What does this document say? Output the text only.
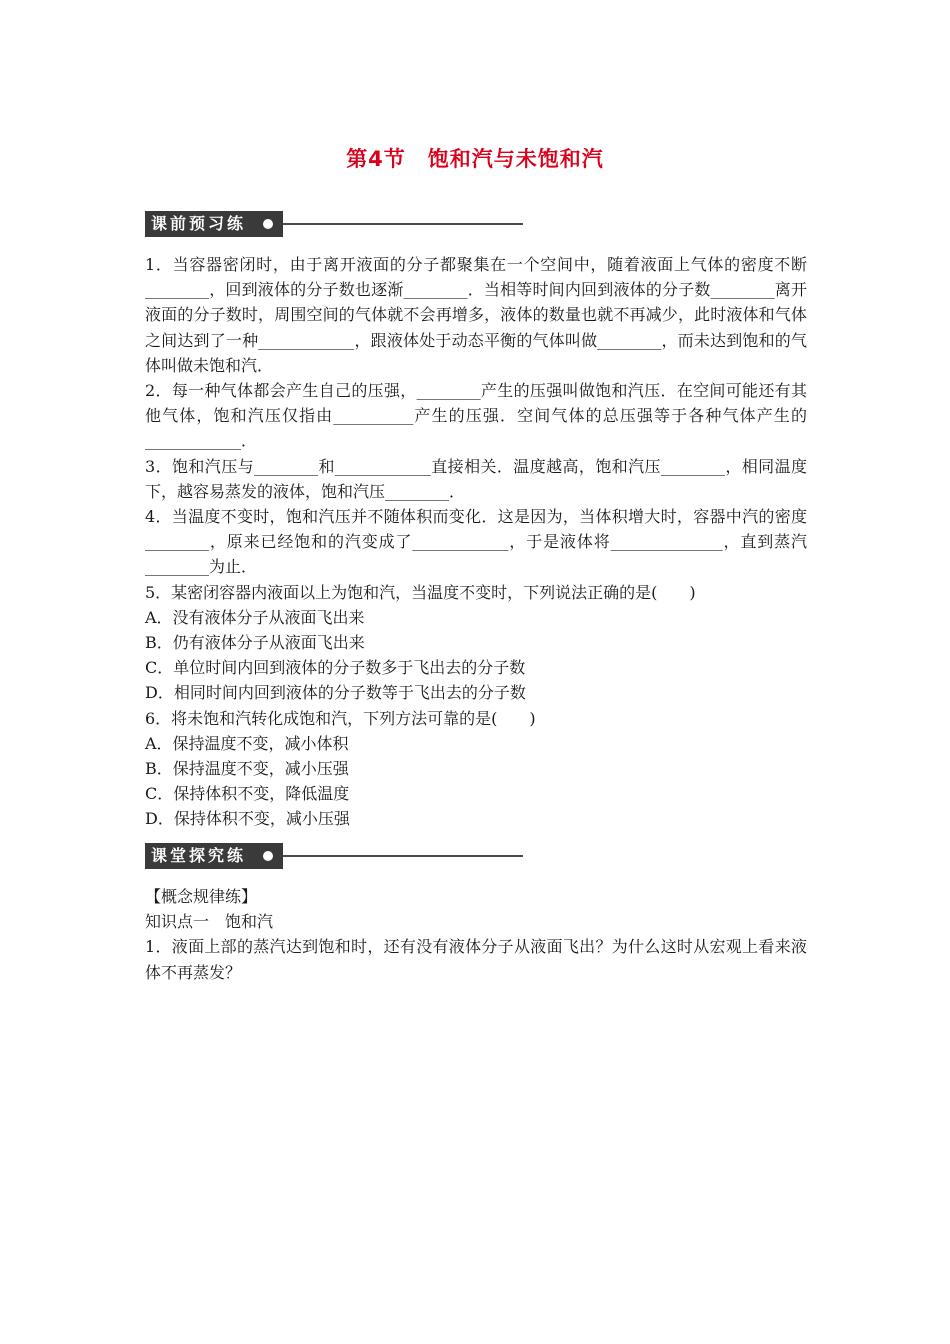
第4节　饱和汽与未饱和汽
课前预习练

1．当容器密闭时，由于离开液面的分子都聚集在一个空间中，随着液面上气体的密度不断________，回到液体的分子数也逐渐________．当相等时间内回到液体的分子数________离开液面的分子数时，周围空间的气体就不会再增多，液体的数量也就不再减少，此时液体和气体之间达到了一种____________，跟液体处于动态平衡的气体叫做________，而未达到饱和的气体叫做未饱和汽．

2．每一种气体都会产生自己的压强，________产生的压强叫做饱和汽压．在空间可能还有其他气体，饱和汽压仅指由__________产生的压强．空间气体的总压强等于各种气体产生的____________．

3．饱和汽压与________和____________直接相关．温度越高，饱和汽压________，相同温度下，越容易蒸发的液体，饱和汽压________．

4．当温度不变时，饱和汽压并不随体积而变化．这是因为，当体积增大时，容器中汽的密度________，原来已经饱和的汽变成了____________，于是液体将______________，直到蒸汽________为止．

5．某密闭容器内液面以上为饱和汽，当温度不变时，下列说法正确的是(　　)

A．没有液体分子从液面飞出来

B．仍有液体分子从液面飞出来

C．单位时间内回到液体的分子数多于飞出去的分子数

D．相同时间内回到液体的分子数等于飞出去的分子数

6．将未饱和汽转化成饱和汽，下列方法可靠的是(　　)

A．保持温度不变，减小体积

B．保持温度不变，减小压强

C．保持体积不变，降低温度

D．保持体积不变，减小压强

课堂探究练

【概念规律练】

知识点一　饱和汽

1．液面上部的蒸汽达到饱和时，还有没有液体分子从液面飞出？为什么这时从宏观上看来液体不再蒸发？
